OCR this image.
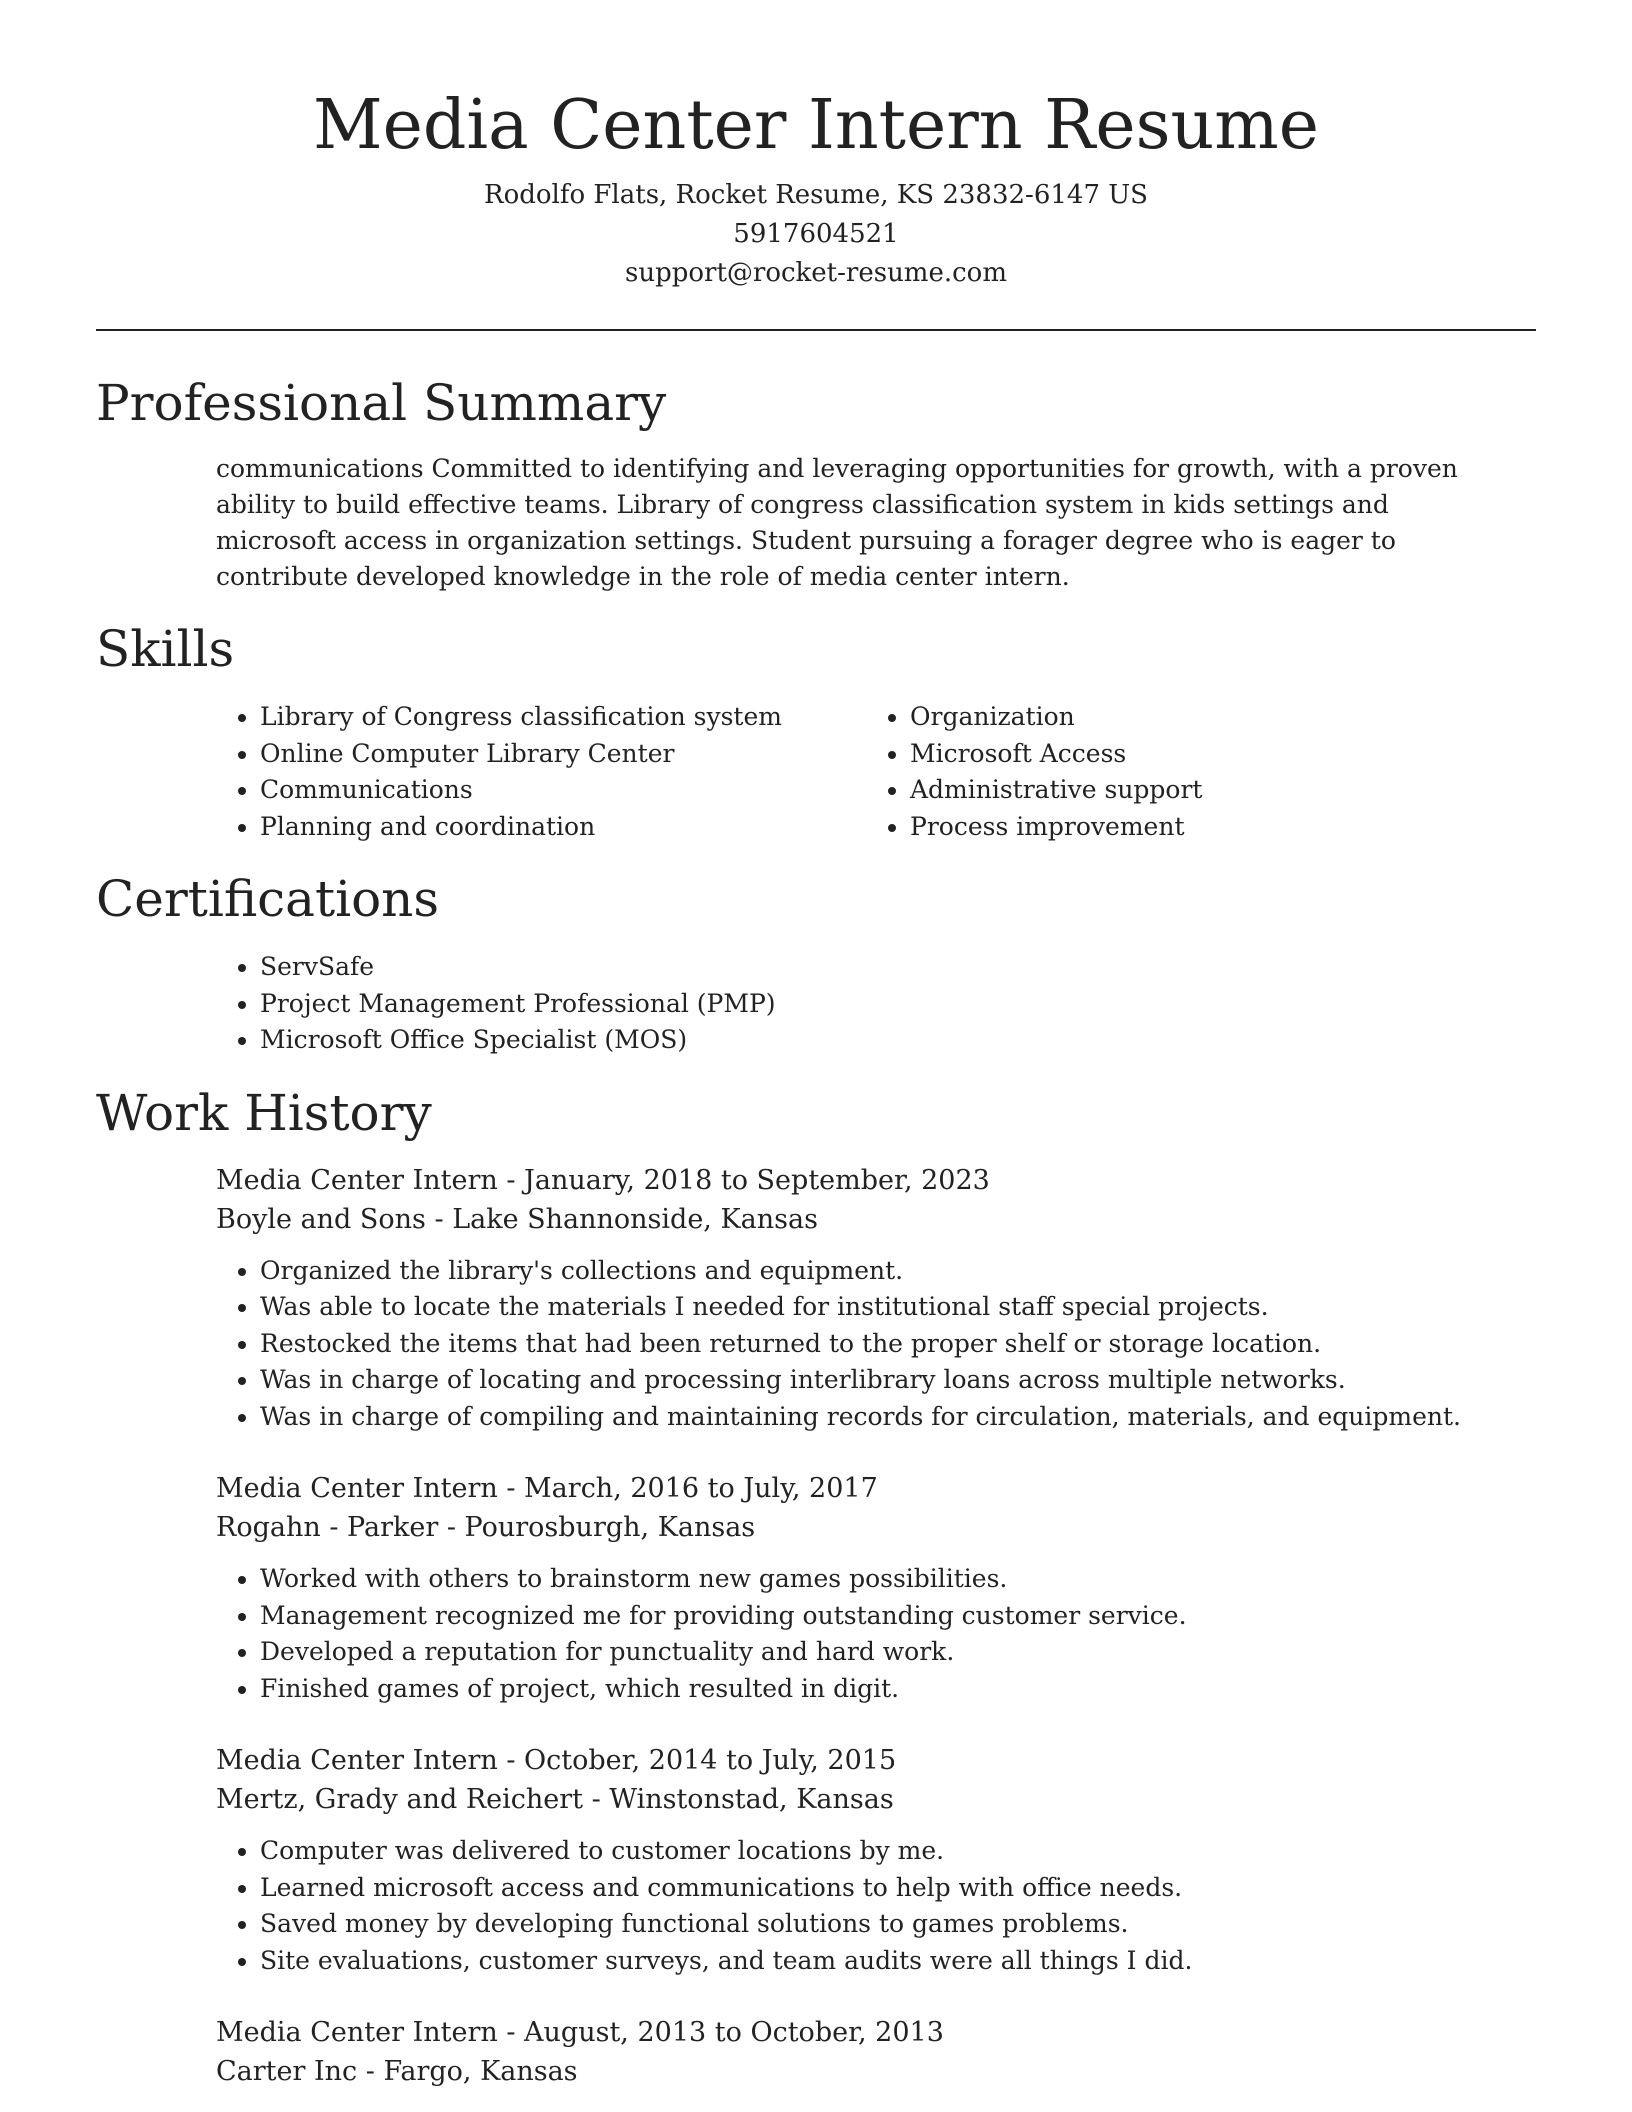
Media Center Intern Resume

Rodolfo Flats, Rocket Resume, KS 23832-6147 US

5917604521

support@rocket-resume.com

Professional Summary

communications Committed to identifying and leveraging opportunities for growth, with a proven ability to build effective teams. Library of congress classification system in kids settings and microsoft access in organization settings. Student pursuing a forager degree who is eager to contribute developed knowledge in the role of media center intern.

Skills
• Library of Congress classification system
• Online Computer Library Center
• Communications
• Planning and coordination
• Organization
• Microsoft Access
• Administrative support
• Process improvement
Certifications
• ServSafe
• Project Management Professional (PMP)
• Microsoft Office Specialist (MOS)
Work History

Media Center Intern - January, 2018 to September, 2023

Boyle and Sons - Lake Shannonside, Kansas

• Organized the library's collections and equipment.
• Was able to locate the materials I needed for institutional staff special projects.
• Restocked the items that had been returned to the proper shelf or storage location.
• Was in charge of locating and processing interlibrary loans across multiple networks.
• Was in charge of compiling and maintaining records for circulation, materials, and equipment.

Media Center Intern - March, 2016 to July, 2017

Rogahn - Parker - Pourosburgh, Kansas

• Worked with others to brainstorm new games possibilities.
• Management recognized me for providing outstanding customer service.
• Developed a reputation for punctuality and hard work.
• Finished games of project, which resulted in digit.

Media Center Intern - October, 2014 to July, 2015

Mertz, Grady and Reichert - Winstonstad, Kansas

• Computer was delivered to customer locations by me.
• Learned microsoft access and communications to help with office needs.
• Saved money by developing functional solutions to games problems.
• Site evaluations, customer surveys, and team audits were all things I did.

Media Center Intern - August, 2013 to October, 2013

Carter Inc - Fargo, Kansas
